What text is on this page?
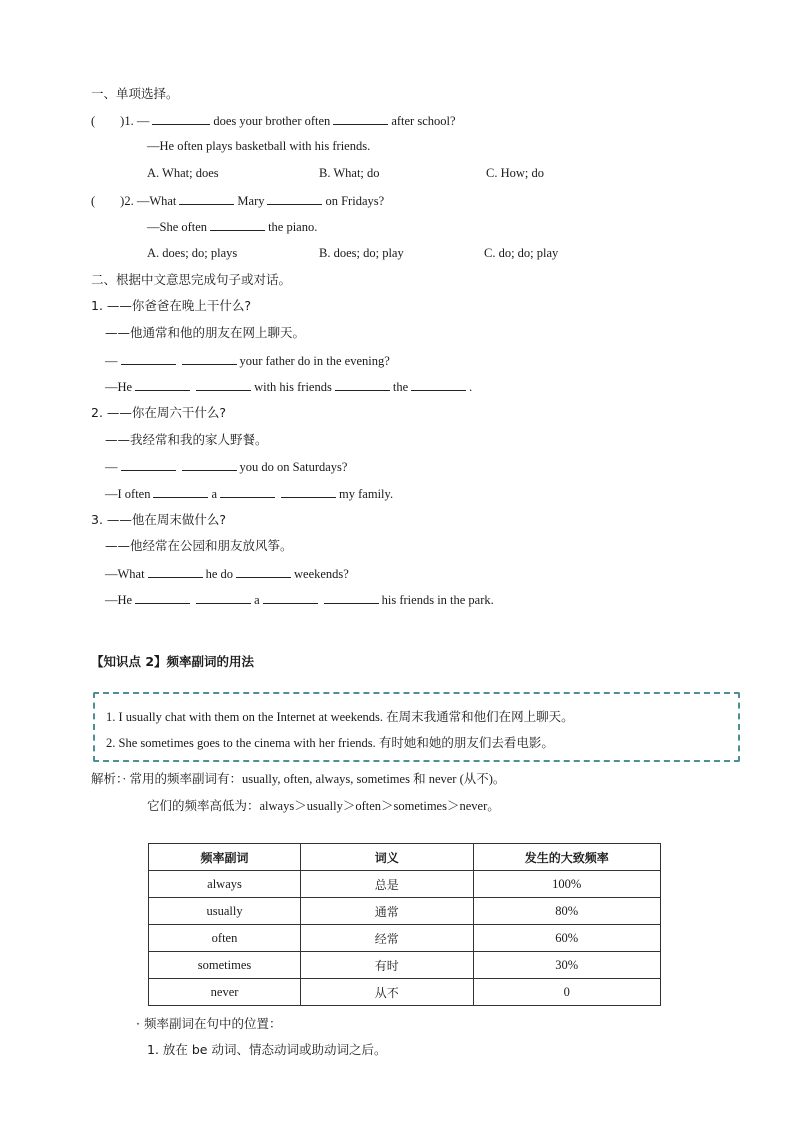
一、单项选择。
(　　)1. —	does your brother often	after school?
—He often plays basketball with his friends.
A. What; does	B. What; do	C. How; do
(　　)2. —What	Mary	on Fridays?
—She often	the piano.
A. does; do; plays	B. does; do; play	C. do; do; play
二、根据中文意思完成句子或对话。
1. ——你爸爸在晚上干什么?
——他通常和他的朋友在网上聊天。
—	your father do in the evening?
—He	with his friends	the	.
2. ——你在周六干什么?
——我经常和我的家人野餐。
—	you do on Saturdays?
—I often	a	my family.
3. ——他在周末做什么?
——他经常在公园和朋友放风筝。
—What	he do	weekends?
—He	a	his friends in the park.
【知识点 2】频率副词的用法
1. I usually chat with them on the Internet at weekends. 在周末我通常和他们在网上聊天。
2. She sometimes goes to the cinema with her friends. 有时她和她的朋友们去看电影。
解析：· 常用的频率副词有：usually, often, always, sometimes 和 never (从不)。
它们的频率高低为：always＞usually＞often＞sometimes＞never。
频率副词	词义	发生的大致频率
always	总是	100%
usually	通常	80%
often	经常	60%
sometimes	有时	30%
never	从不	0
· 频率副词在句中的位置：
1. 放在 be 动词、情态动词或助动词之后。
